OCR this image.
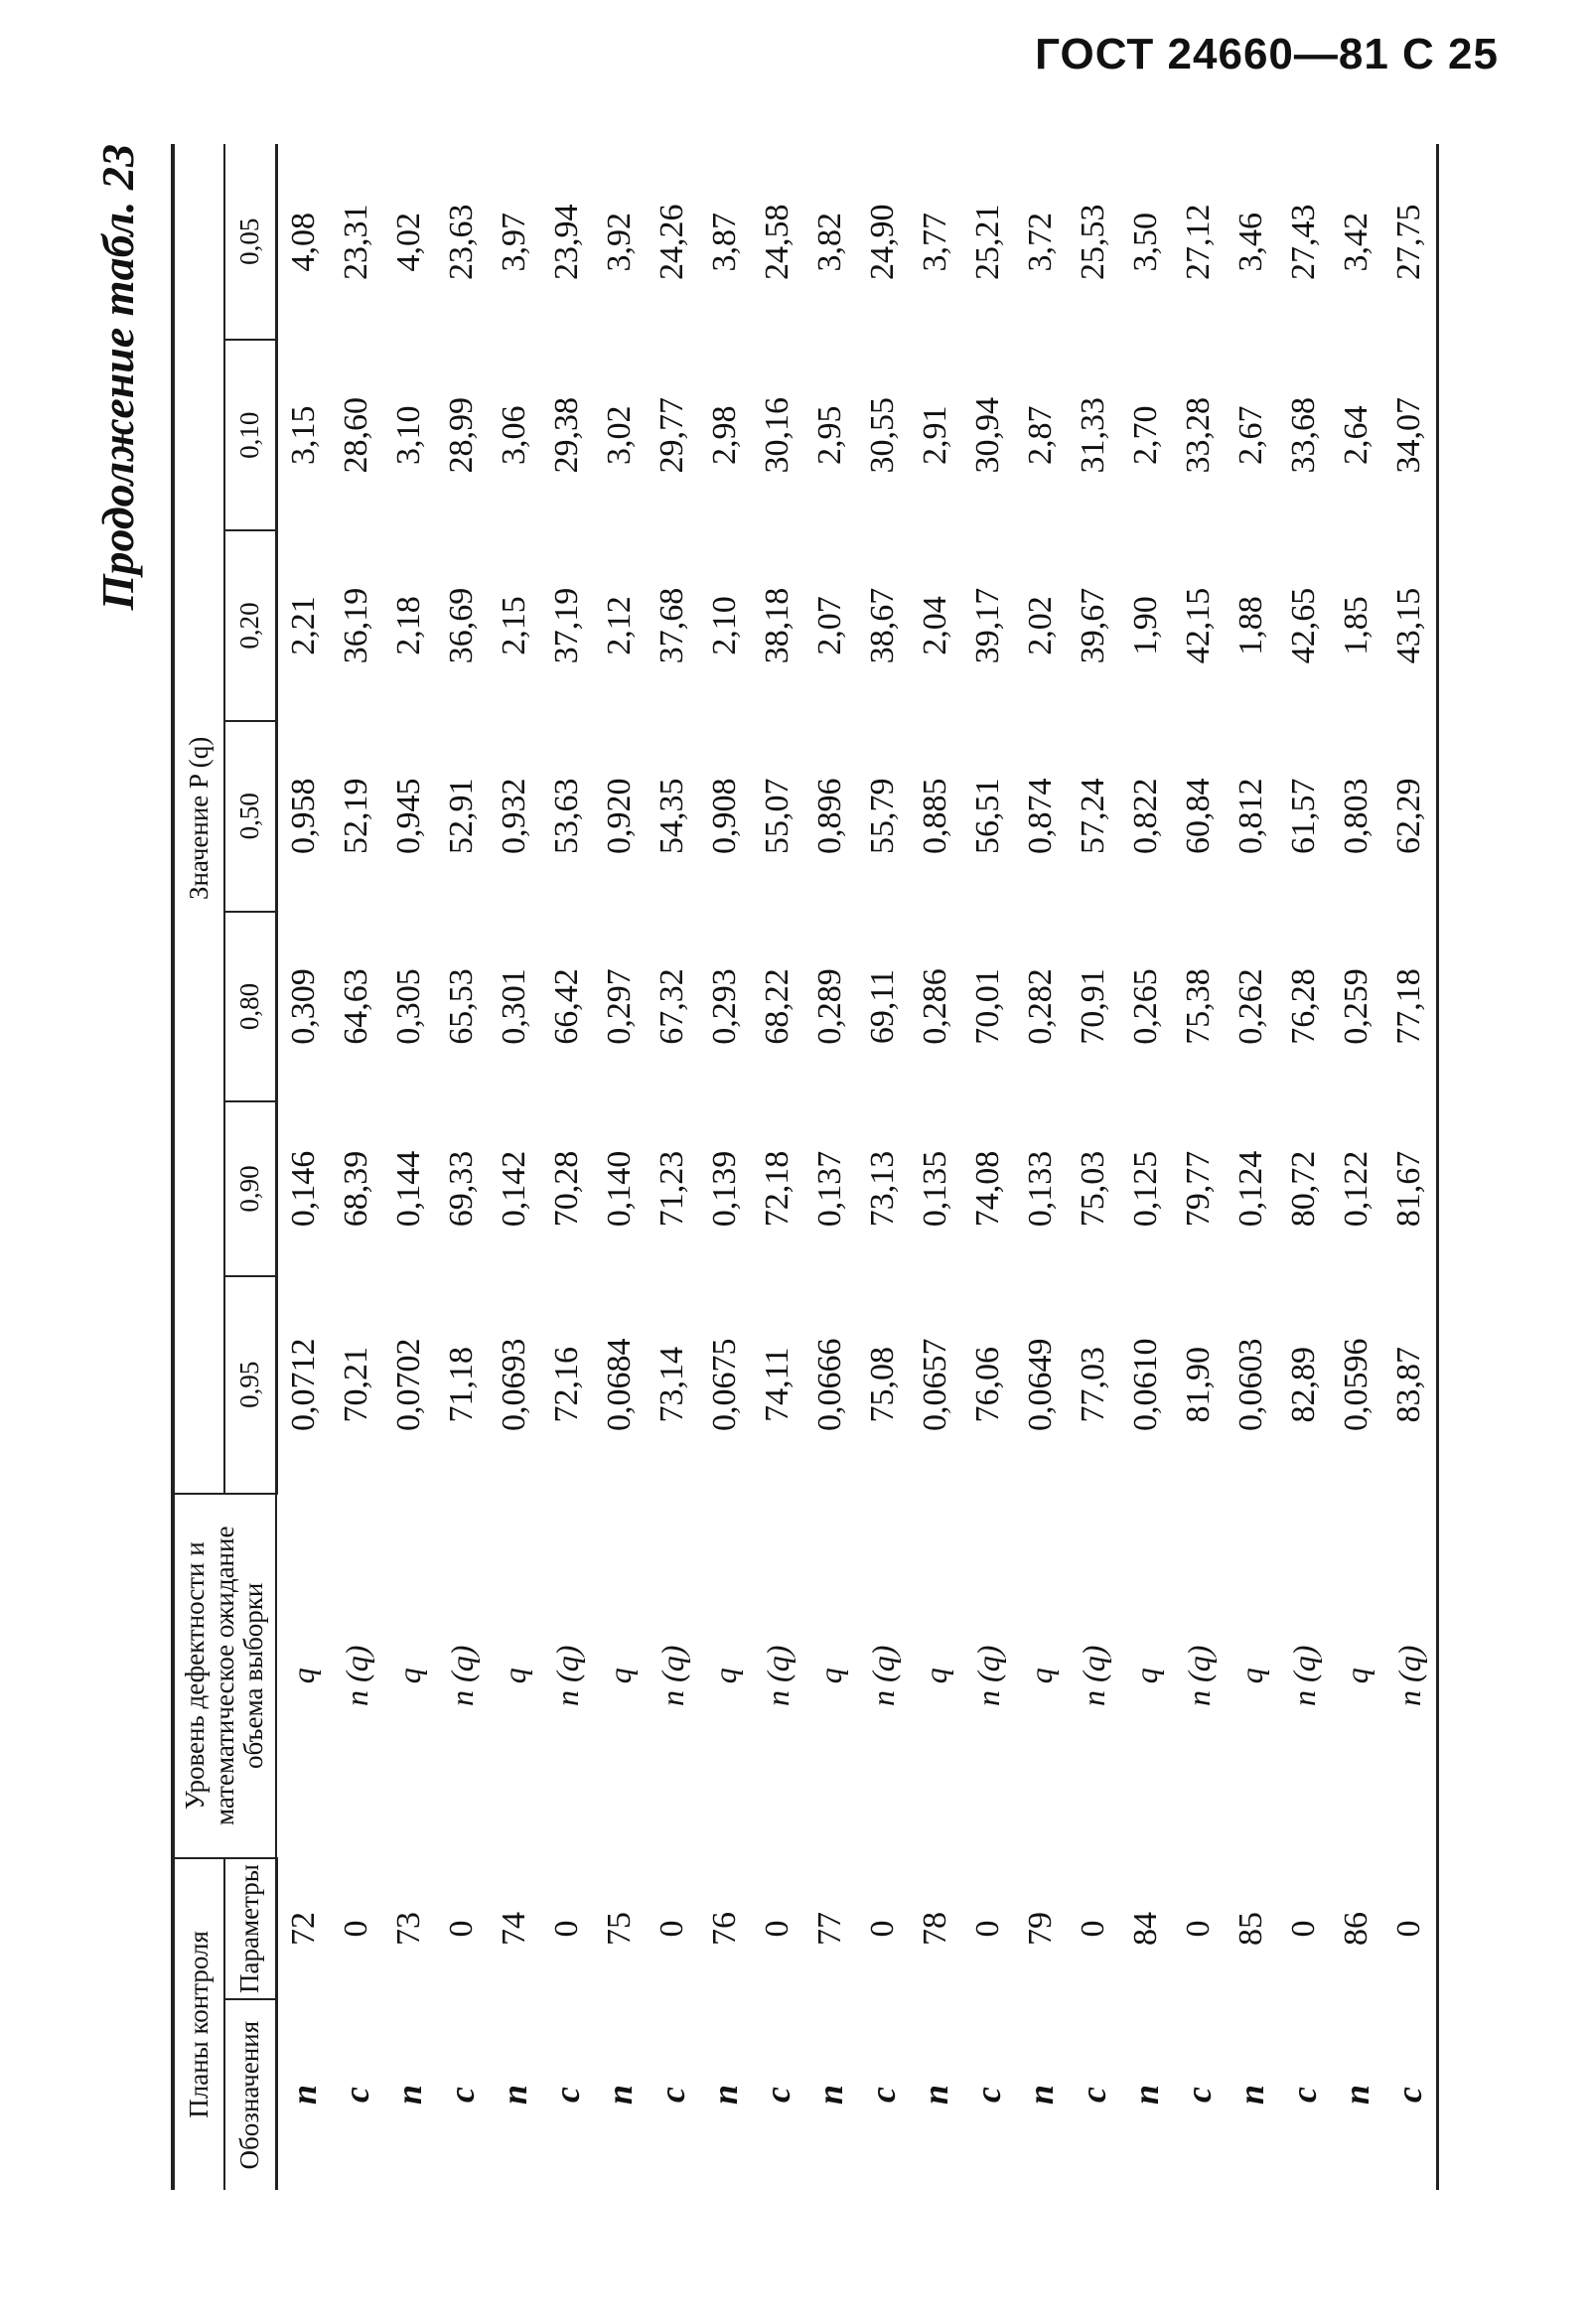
ГОСТ 24660—81 С 25
Продолжение табл. 23
Планы контроля		Уровень дефектности и математическое ожидание объема выборки	Значение P (q)						
Обозначения	Параметры		0,95	0,90	0,80	0,50	0,20	0,10	0,05
n	72	q	0,0712	0,146	0,309	0,958	2,21	3,15	4,08
c	0	n (q)	70,21	68,39	64,63	52,19	36,19	28,60	23,31
n	73	q	0,0702	0,144	0,305	0,945	2,18	3,10	4,02
c	0	n (q)	71,18	69,33	65,53	52,91	36,69	28,99	23,63
n	74	q	0,0693	0,142	0,301	0,932	2,15	3,06	3,97
c	0	n (q)	72,16	70,28	66,42	53,63	37,19	29,38	23,94
n	75	q	0,0684	0,140	0,297	0,920	2,12	3,02	3,92
c	0	n (q)	73,14	71,23	67,32	54,35	37,68	29,77	24,26
n	76	q	0,0675	0,139	0,293	0,908	2,10	2,98	3,87
c	0	n (q)	74,11	72,18	68,22	55,07	38,18	30,16	24,58
n	77	q	0,0666	0,137	0,289	0,896	2,07	2,95	3,82
c	0	n (q)	75,08	73,13	69,11	55,79	38,67	30,55	24,90
n	78	q	0,0657	0,135	0,286	0,885	2,04	2,91	3,77
c	0	n (q)	76,06	74,08	70,01	56,51	39,17	30,94	25,21
n	79	q	0,0649	0,133	0,282	0,874	2,02	2,87	3,72
c	0	n (q)	77,03	75,03	70,91	57,24	39,67	31,33	25,53
n	84	q	0,0610	0,125	0,265	0,822	1,90	2,70	3,50
c	0	n (q)	81,90	79,77	75,38	60,84	42,15	33,28	27,12
n	85	q	0,0603	0,124	0,262	0,812	1,88	2,67	3,46
c	0	n (q)	82,89	80,72	76,28	61,57	42,65	33,68	27,43
n	86	q	0,0596	0,122	0,259	0,803	1,85	2,64	3,42
c	0	n (q)	83,87	81,67	77,18	62,29	43,15	34,07	27,75
